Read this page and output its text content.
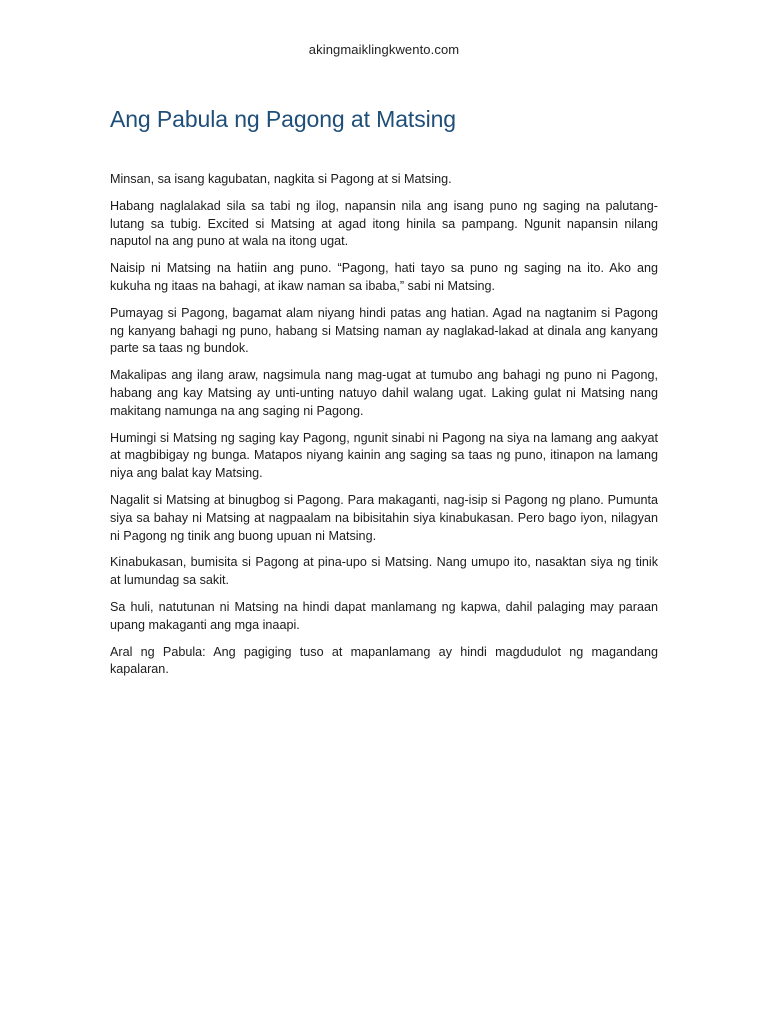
akingmaiklingkwento.com
Ang Pabula ng Pagong at Matsing

Minsan, sa isang kagubatan, nagkita si Pagong at si Matsing.

Habang naglalakad sila sa tabi ng ilog, napansin nila ang isang puno ng saging na palutang-lutang sa tubig. Excited si Matsing at agad itong hinila sa pampang. Ngunit napansin nilang naputol na ang puno at wala na itong ugat.

Naisip ni Matsing na hatiin ang puno. “Pagong, hati tayo sa puno ng saging na ito. Ako ang kukuha ng itaas na bahagi, at ikaw naman sa ibaba,” sabi ni Matsing.

Pumayag si Pagong, bagamat alam niyang hindi patas ang hatian. Agad na nagtanim si Pagong ng kanyang bahagi ng puno, habang si Matsing naman ay naglakad-lakad at dinala ang kanyang parte sa taas ng bundok.

Makalipas ang ilang araw, nagsimula nang mag-ugat at tumubo ang bahagi ng puno ni Pagong, habang ang kay Matsing ay unti-unting natuyo dahil walang ugat. Laking gulat ni Matsing nang makitang namunga na ang saging ni Pagong.

Humingi si Matsing ng saging kay Pagong, ngunit sinabi ni Pagong na siya na lamang ang aakyat at magbibigay ng bunga. Matapos niyang kainin ang saging sa taas ng puno, itinapon na lamang niya ang balat kay Matsing.

Nagalit si Matsing at binugbog si Pagong. Para makaganti, nag-isip si Pagong ng plano. Pumunta siya sa bahay ni Matsing at nagpaalam na bibisitahin siya kinabukasan. Pero bago iyon, nilagyan ni Pagong ng tinik ang buong upuan ni Matsing.

Kinabukasan, bumisita si Pagong at pina-upo si Matsing. Nang umupo ito, nasaktan siya ng tinik at lumundag sa sakit.

Sa huli, natutunan ni Matsing na hindi dapat manlamang ng kapwa, dahil palaging may paraan upang makaganti ang mga inaapi.

Aral ng Pabula: Ang pagiging tuso at mapanlamang ay hindi magdudulot ng magandang kapalaran.
